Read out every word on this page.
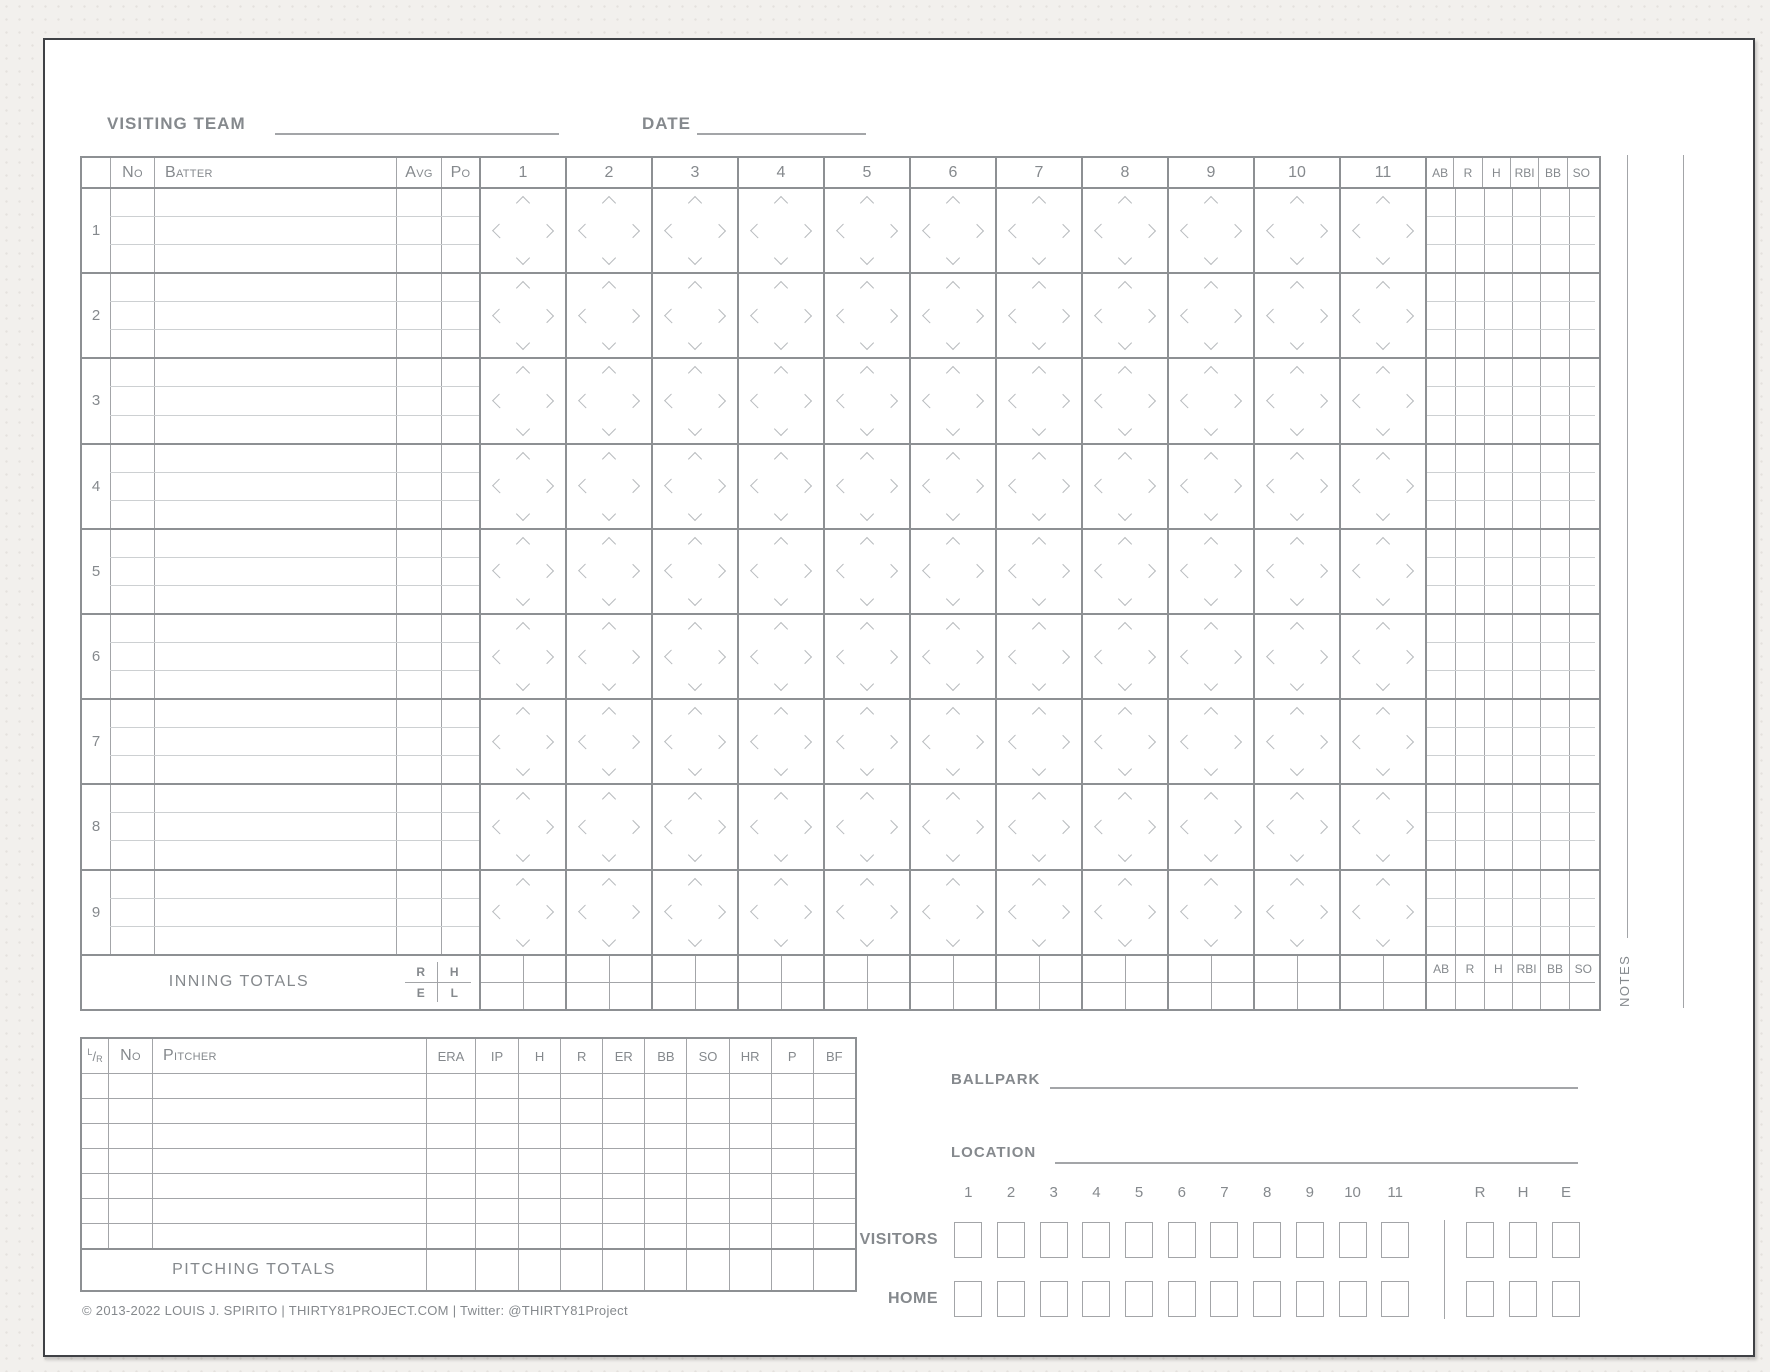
VISITING TEAM	DATE
No	Batter	Avg	Po	1	2	3	4	5	6	7	8	9	10	11	AB	R	H	RBI BB SO
1
2
3
4
5
6
7
8
9
INNING TOTALS
R	H
E	L
AB	R	H	RBI BB SO	NOTES
L / R	No	Pitcher	ERA	IP	H	R	ER	BB	SO	HR	P	BF
PITCHING TOTALS
© 2013-2022 LOUIS J. SPIRITO | THIRTY81PROJECT.COM | Twitter: @THIRTY81Project
BALLPARK
LOCATION
1	2	3	4	5	6	7	8	9	10	11	R	H	E
VISITORS
HOME
